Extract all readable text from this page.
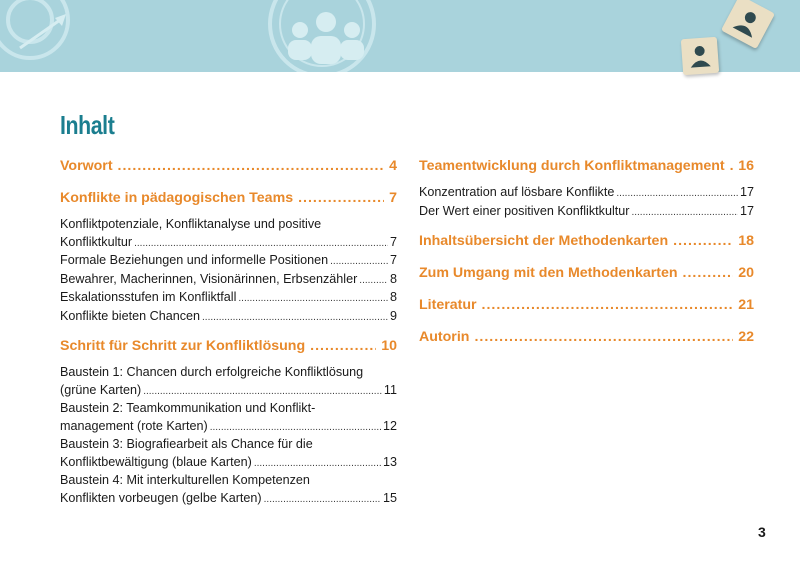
Inhalt
Vorwort .....	4
Konflikte in pädagogischen Teams .....	7
Konfliktpotenziale, Konfliktanalyse und positive
Konfliktkultur .....	7
Formale Beziehungen und informelle Positionen .....	7
Bewahrer, Macherinnen, Visionärinnen, Erbsenzähler .....	8
Eskalationsstufen im Konfliktfall .....	8
Konflikte bieten Chancen .....	9
Schritt für Schritt zur Konfliktlösung .....	10
Baustein 1: Chancen durch erfolgreiche Konfliktlösung
(grüne Karten) .....	11
Baustein 2: Teamkommunikation und Konflikt-
management (rote Karten) .....	12
Baustein 3: Biografiearbeit als Chance für die
Konfliktbewältigung (blaue Karten) .....	13
Baustein 4: Mit interkulturellen Kompetenzen
Konflikten vorbeugen (gelbe Karten) .....	15
Teamentwicklung durch Konfliktmanagement ..... 16
Konzentration auf lösbare Konflikte .....	17
Der Wert einer positiven Konfliktkultur .....	17
Inhaltsübersicht der Methodenkarten .....	18
Zum Umgang mit den Methodenkarten .....	20
Literatur .....	21
Autorin .....	22
3
